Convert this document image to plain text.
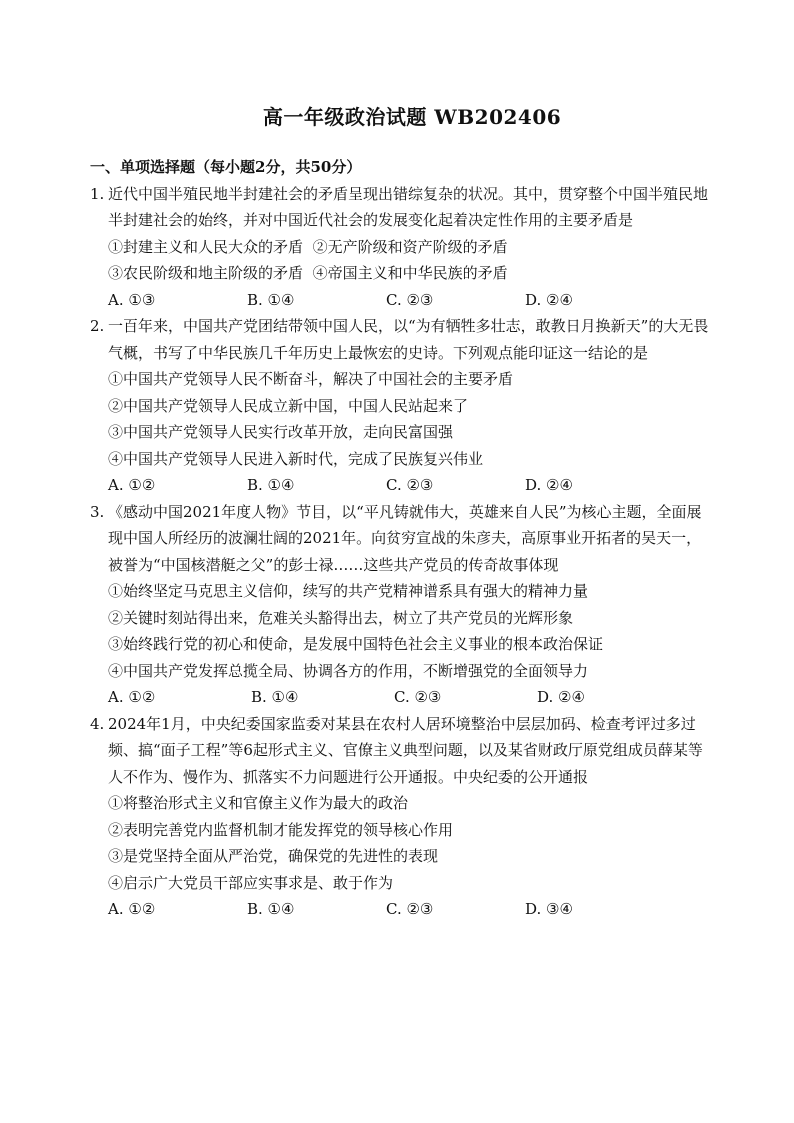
高一年级政治试题 WB202406
一、单项选择题（每小题2分，共50分）
1. 近代中国半殖民地半封建社会的矛盾呈现出错综复杂的状况。其中，贯穿整个中国半殖民地半封建社会的始终，并对中国近代社会的发展变化起着决定性作用的主要矛盾是
①封建主义和人民大众的矛盾 ②无产阶级和资产阶级的矛盾
③农民阶级和地主阶级的矛盾 ④帝国主义和中华民族的矛盾
A. ①③	B. ①④	C. ②③	D. ②④
2. 一百年来，中国共产党团结带领中国人民，以“为有牺牲多壮志，敢教日月换新天”的大无畏气概，书写了中华民族几千年历史上最恢宏的史诗。下列观点能印证这一结论的是
①中国共产党领导人民不断奋斗，解决了中国社会的主要矛盾
②中国共产党领导人民成立新中国，中国人民站起来了
③中国共产党领导人民实行改革开放，走向民富国强
④中国共产党领导人民进入新时代，完成了民族复兴伟业
A. ①②	B. ①④	C. ②③	D. ②④
3. 《感动中国2021年度人物》节目，以“平凡铸就伟大，英雄来自人民”为核心主题，全面展现中国人所经历的波澜壮阔的2021年。向贫穷宣战的朱彦夫，高原事业开拓者的吴天一，被誉为“中国核潜艇之父”的彭士禄……这些共产党员的传奇故事体现
①始终坚定马克思主义信仰，续写的共产党精神谱系具有强大的精神力量
②关键时刻站得出来，危难关头豁得出去，树立了共产党员的光辉形象
③始终践行党的初心和使命，是发展中国特色社会主义事业的根本政治保证
④中国共产党发挥总揽全局、协调各方的作用，不断增强党的全面领导力
A. ①②	B. ①④	C. ②③	D. ②④
4. 2024年1月，中央纪委国家监委对某县在农村人居环境整治中层层加码、检查考评过多过频、搞“面子工程”等6起形式主义、官僚主义典型问题，以及某省财政厅原党组成员薛某等人不作为、慢作为、抓落实不力问题进行公开通报。中央纪委的公开通报
①将整治形式主义和官僚主义作为最大的政治
②表明完善党内监督机制才能发挥党的领导核心作用
③是党坚持全面从严治党，确保党的先进性的表现
④启示广大党员干部应实事求是、敢于作为
A. ①②	B. ①④	C. ②③	D. ③④
